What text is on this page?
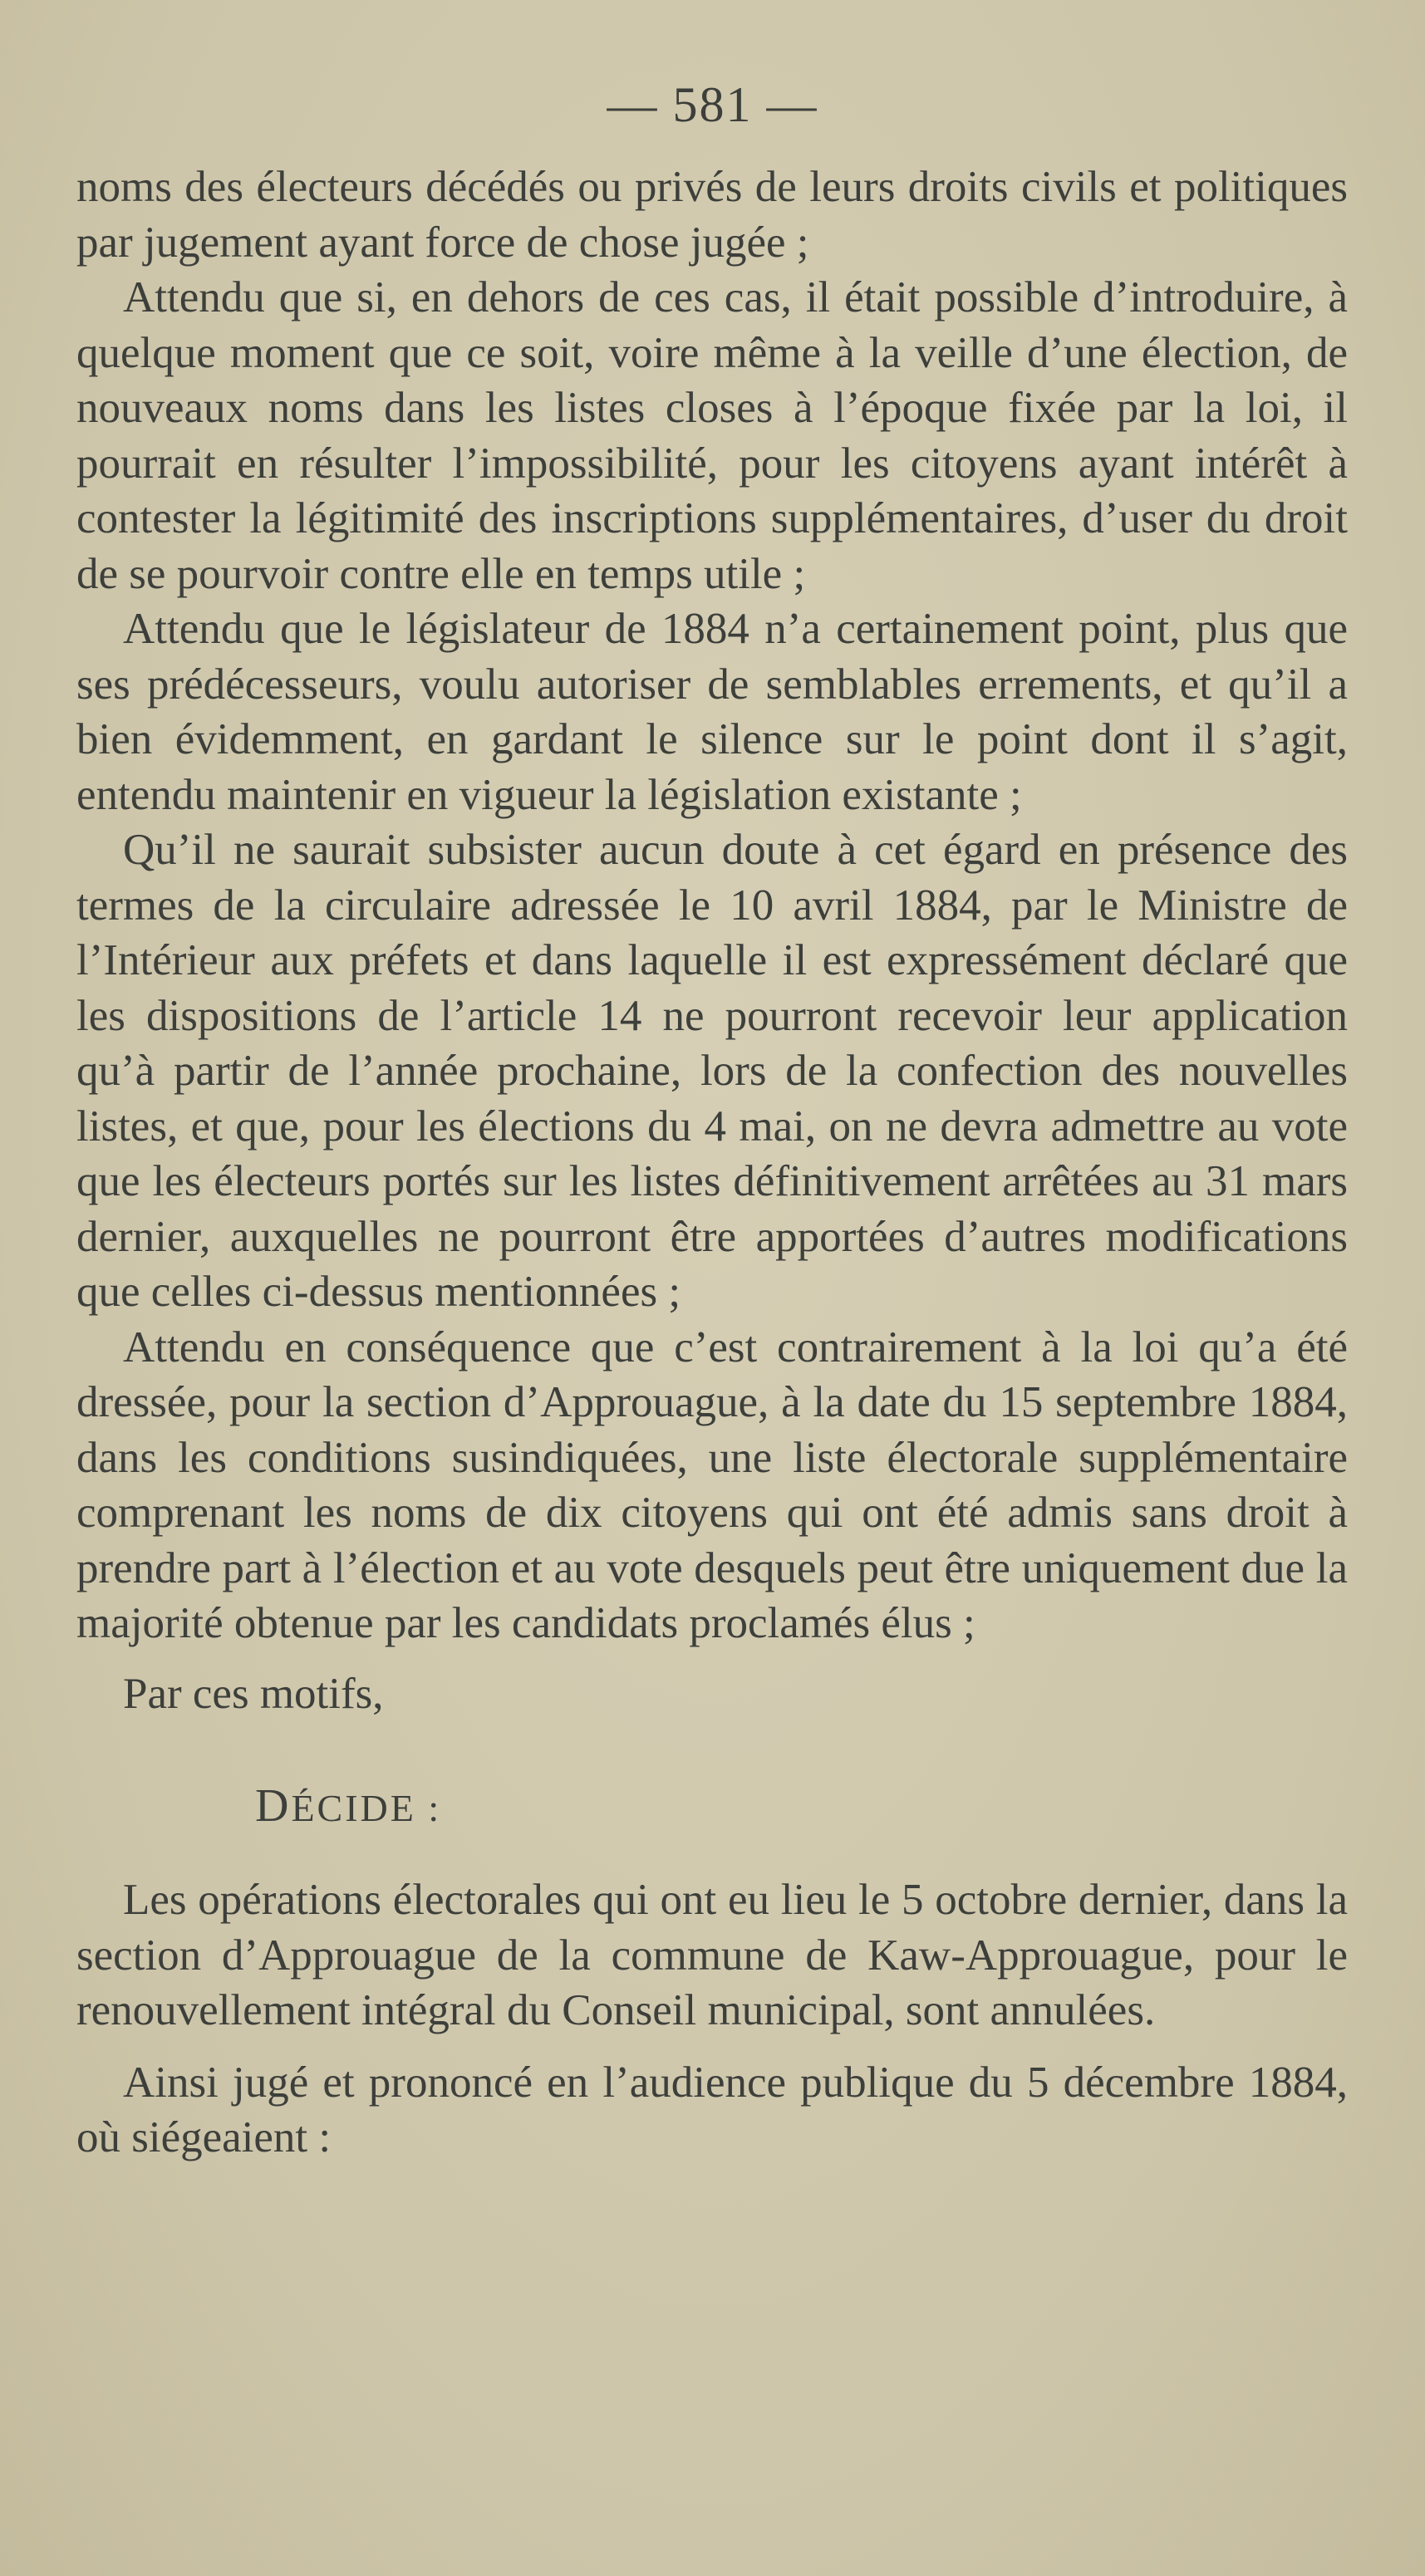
— 581 —

noms des électeurs décédés ou privés de leurs droits civils et politiques par jugement ayant force de chose jugée ;

Attendu que si, en dehors de ces cas, il était possible d’introduire, à quelque moment que ce soit, voire même à la veille d’une élection, de nouveaux noms dans les listes closes à l’époque fixée par la loi, il pourrait en résulter l’impossibilité, pour les citoyens ayant intérêt à contester la légitimité des inscriptions supplémentaires, d’user du droit de se pourvoir contre elle en temps utile ;

Attendu que le législateur de 1884 n’a certainement point, plus que ses prédécesseurs, voulu autoriser de semblables errements, et qu’il a bien évidemment, en gardant le silence sur le point dont il s’agit, entendu maintenir en vigueur la législation existante ;

Qu’il ne saurait subsister aucun doute à cet égard en présence des termes de la circulaire adressée le 10 avril 1884, par le Ministre de l’Intérieur aux préfets et dans laquelle il est expressément déclaré que les dispositions de l’article 14 ne pourront recevoir leur application qu’à partir de l’année prochaine, lors de la confection des nouvelles listes, et que, pour les élections du 4 mai, on ne devra admettre au vote que les électeurs portés sur les listes définitivement arrêtées au 31 mars dernier, auxquelles ne pourront être apportées d’autres modifications que celles ci-dessus mentionnées ;

Attendu en conséquence que c’est contrairement à la loi qu’a été dressée, pour la section d’Approuague, à la date du 15 septembre 1884, dans les conditions susindiquées, une liste électorale supplémentaire comprenant les noms de dix citoyens qui ont été admis sans droit à prendre part à l’élection et au vote desquels peut être uniquement due la majorité obtenue par les candidats proclamés élus ;

Par ces motifs,

DÉCIDE :

Les opérations électorales qui ont eu lieu le 5 octobre dernier, dans la section d’Approuague de la commune de Kaw-Approuague, pour le renouvellement intégral du Conseil municipal, sont annulées.

Ainsi jugé et prononcé en l’audience publique du 5 décembre 1884, où siégeaient :
